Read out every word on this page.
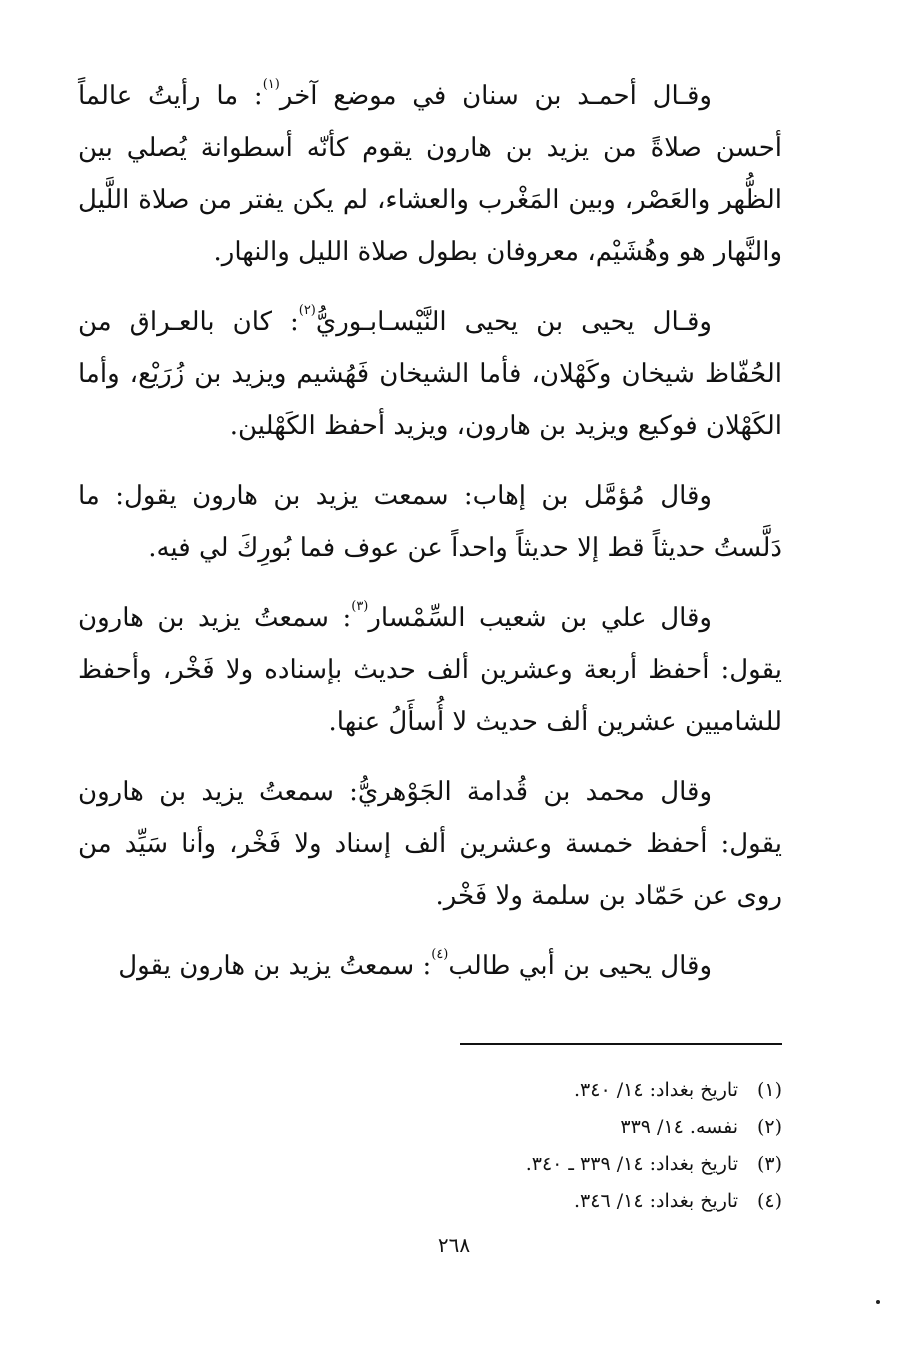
وقـال أحمـد بن سنان في موضع آخر$^{(١)}$: ما رأيتُ عالماً أحسن صلاةً من يزيد بن هارون يقوم كأنّه أسطوانة يُصلي بين الظُّهر والعَصْر، وبين المَغْرب والعشاء، لم يكن يفتر من صلاة اللَّيل والنَّهار هو وهُشَيْم، معروفان بطول صلاة الليل والنهار.

وقـال يحيى بن يحيى النَّيْسـابـوريُّ$^{(٢)}$: كان بالعـراق من الحُفّاظ شيخان وكَهْلان، فأما الشيخان فَهُشيم ويزيد بن زُرَيْع، وأما الكَهْلان فوكيع ويزيد بن هارون، ويزيد أحفظ الكَهْلين.

وقال مُؤمَّل بن إهاب: سمعت يزيد بن هارون يقول: ما دَلَّستُ حديثاً قط إلا حديثاً واحداً عن عوف فما بُورِكَ لي فيه.

وقال علي بن شعيب السِّمْسار$^{(٣)}$: سمعتُ يزيد بن هارون يقول: أحفظ أربعة وعشرين ألف حديث بإسناده ولا فَخْر، وأحفظ للشاميين عشرين ألف حديث لا أُسأَلُ عنها.

وقال محمد بن قُدامة الجَوْهريُّ: سمعتُ يزيد بن هارون يقول: أحفظ خمسة وعشرين ألف إسناد ولا فَخْر، وأنا سَيِّد من روى عن حَمّاد بن سلمة ولا فَخْر.

وقال يحيى بن أبي طالب$^{(٤)}$: سمعتُ يزيد بن هارون يقول

(١)تاريخ بغداد: ١٤/ ٣٤٠.
(٢)نفسه. ١٤/ ٣٣٩
(٣)تاريخ بغداد: ١٤/ ٣٣٩ ـ ٣٤٠.
(٤)تاريخ بغداد: ١٤/ ٣٤٦.
٢٦٨
